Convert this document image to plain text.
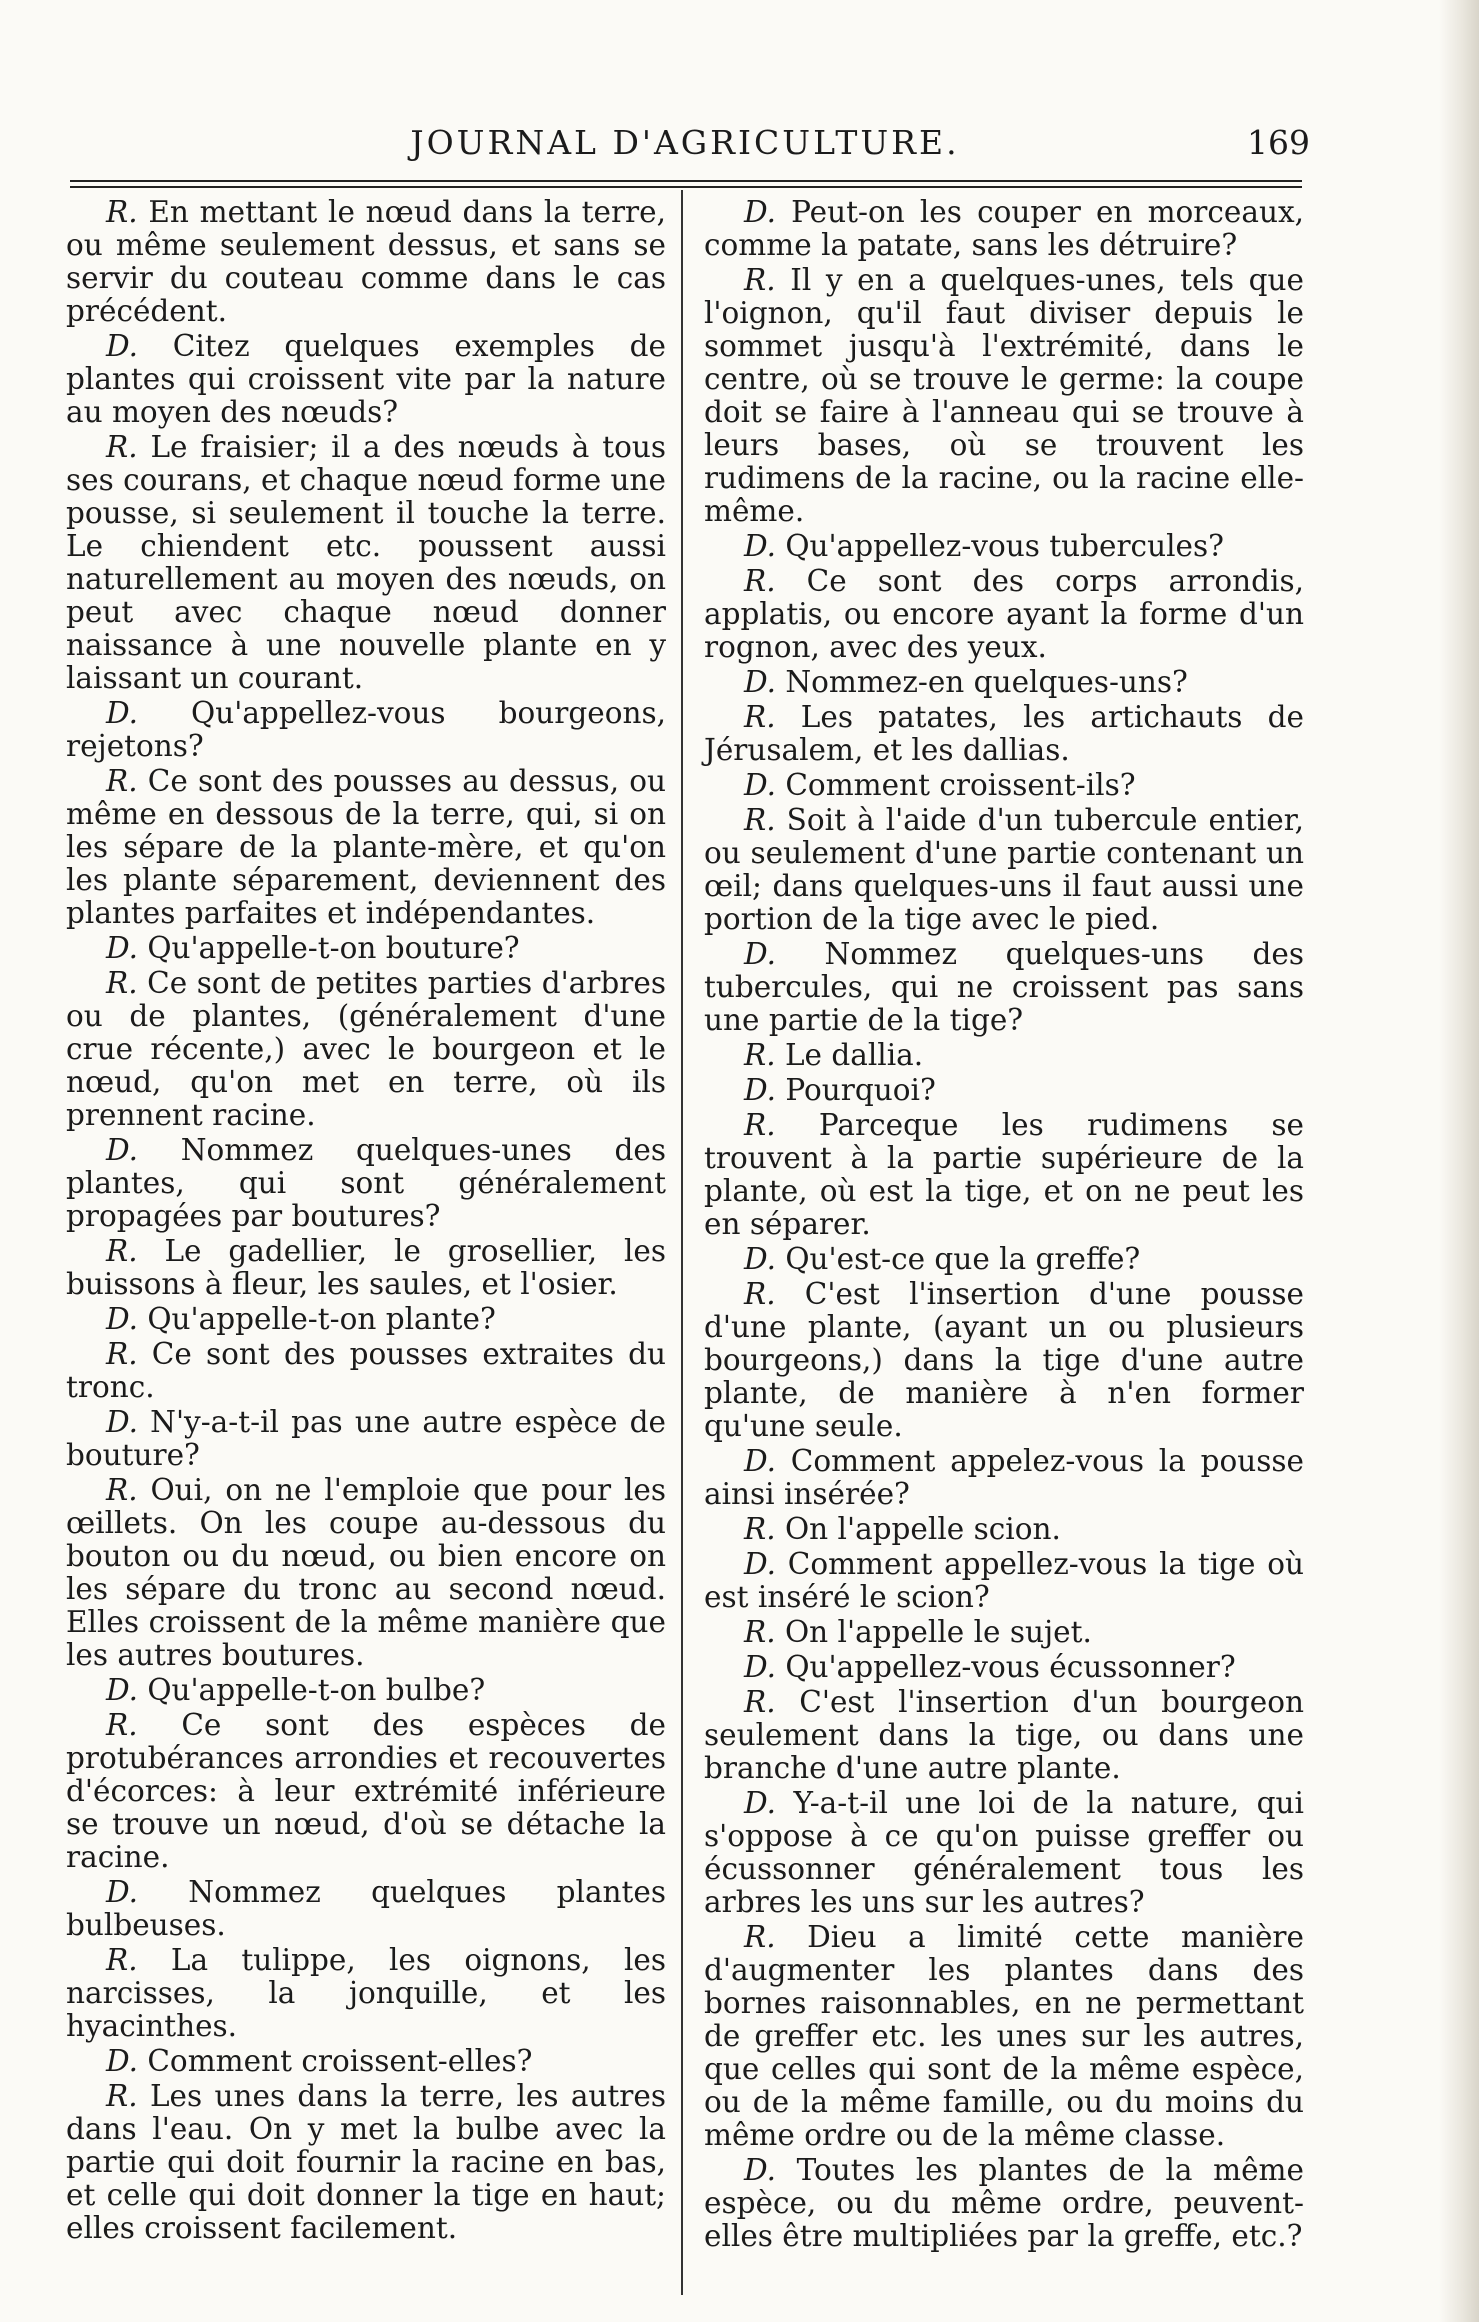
JOURNAL D'AGRICULTURE.	169

R. En mettant le nœud dans la terre, ou même seulement dessus, et sans se servir du couteau comme dans le cas précédent.

D. Citez quelques exemples de plantes qui croissent vite par la nature au moyen des nœuds?

R. Le fraisier; il a des nœuds à tous ses courans, et chaque nœud forme une pousse, si seulement il touche la terre. Le chiendent etc. poussent aussi naturellement au moyen des nœuds, on peut avec chaque nœud donner naissance à une nouvelle plante en y laissant un courant.

D. Qu'appellez-vous bourgeons, rejetons?

R. Ce sont des pousses au dessus, ou même en dessous de la terre, qui, si on les sépare de la plante-mère, et qu'on les plante séparement, deviennent des plantes parfaites et indépendantes.

D. Qu'appelle-t-on bouture?

R. Ce sont de petites parties d'arbres ou de plantes, (généralement d'une crue récente,) avec le bourgeon et le nœud, qu'on met en terre, où ils prennent racine.

D. Nommez quelques-unes des plantes, qui sont généralement propagées par boutures?

R. Le gadellier, le grosellier, les buissons à fleur, les saules, et l'osier.

D. Qu'appelle-t-on plante?

R. Ce sont des pousses extraites du tronc.

D. N'y-a-t-il pas une autre espèce de bouture?

R. Oui, on ne l'emploie que pour les œillets. On les coupe au-dessous du bouton ou du nœud, ou bien encore on les sépare du tronc au second nœud. Elles croissent de la même manière que les autres boutures.

D. Qu'appelle-t-on bulbe?

R. Ce sont des espèces de protubérances arrondies et recouvertes d'écorces: à leur extrémité inférieure se trouve un nœud, d'où se détache la racine.

D. Nommez quelques plantes bulbeuses.

R. La tulippe, les oignons, les narcisses, la jonquille, et les hyacinthes.

D. Comment croissent-elles?

R. Les unes dans la terre, les autres dans l'eau. On y met la bulbe avec la partie qui doit fournir la racine en bas, et celle qui doit donner la tige en haut; elles croissent facilement.

D. Peut-on les couper en morceaux, comme la patate, sans les détruire?

R. Il y en a quelques-unes, tels que l'oignon, qu'il faut diviser depuis le sommet jusqu'à l'extrémité, dans le centre, où se trouve le germe: la coupe doit se faire à l'anneau qui se trouve à leurs bases, où se trouvent les rudimens de la racine, ou la racine elle-même.

D. Qu'appellez-vous tubercules?

R. Ce sont des corps arrondis, applatis, ou encore ayant la forme d'un rognon, avec des yeux.

D. Nommez-en quelques-uns?

R. Les patates, les artichauts de Jérusalem, et les dallias.

D. Comment croissent-ils?

R. Soit à l'aide d'un tubercule entier, ou seulement d'une partie contenant un œil; dans quelques-uns il faut aussi une portion de la tige avec le pied.

D. Nommez quelques-uns des tubercules, qui ne croissent pas sans une partie de la tige?

R. Le dallia.

D. Pourquoi?

R. Parceque les rudimens se trouvent à la partie supérieure de la plante, où est la tige, et on ne peut les en séparer.

D. Qu'est-ce que la greffe?

R. C'est l'insertion d'une pousse d'une plante, (ayant un ou plusieurs bourgeons,) dans la tige d'une autre plante, de manière à n'en former qu'une seule.

D. Comment appelez-vous la pousse ainsi insérée?

R. On l'appelle scion.

D. Comment appellez-vous la tige où est inséré le scion?

R. On l'appelle le sujet.

D. Qu'appellez-vous écussonner?

R. C'est l'insertion d'un bourgeon seulement dans la tige, ou dans une branche d'une autre plante.

D. Y-a-t-il une loi de la nature, qui s'oppose à ce qu'on puisse greffer ou écussonner généralement tous les arbres les uns sur les autres?

R. Dieu a limité cette manière d'augmenter les plantes dans des bornes raisonnables, en ne permettant de greffer etc. les unes sur les autres, que celles qui sont de la même espèce, ou de la même famille, ou du moins du même ordre ou de la même classe.

D. Toutes les plantes de la même espèce, ou du même ordre, peuvent-elles être multipliées par la greffe, etc.?
